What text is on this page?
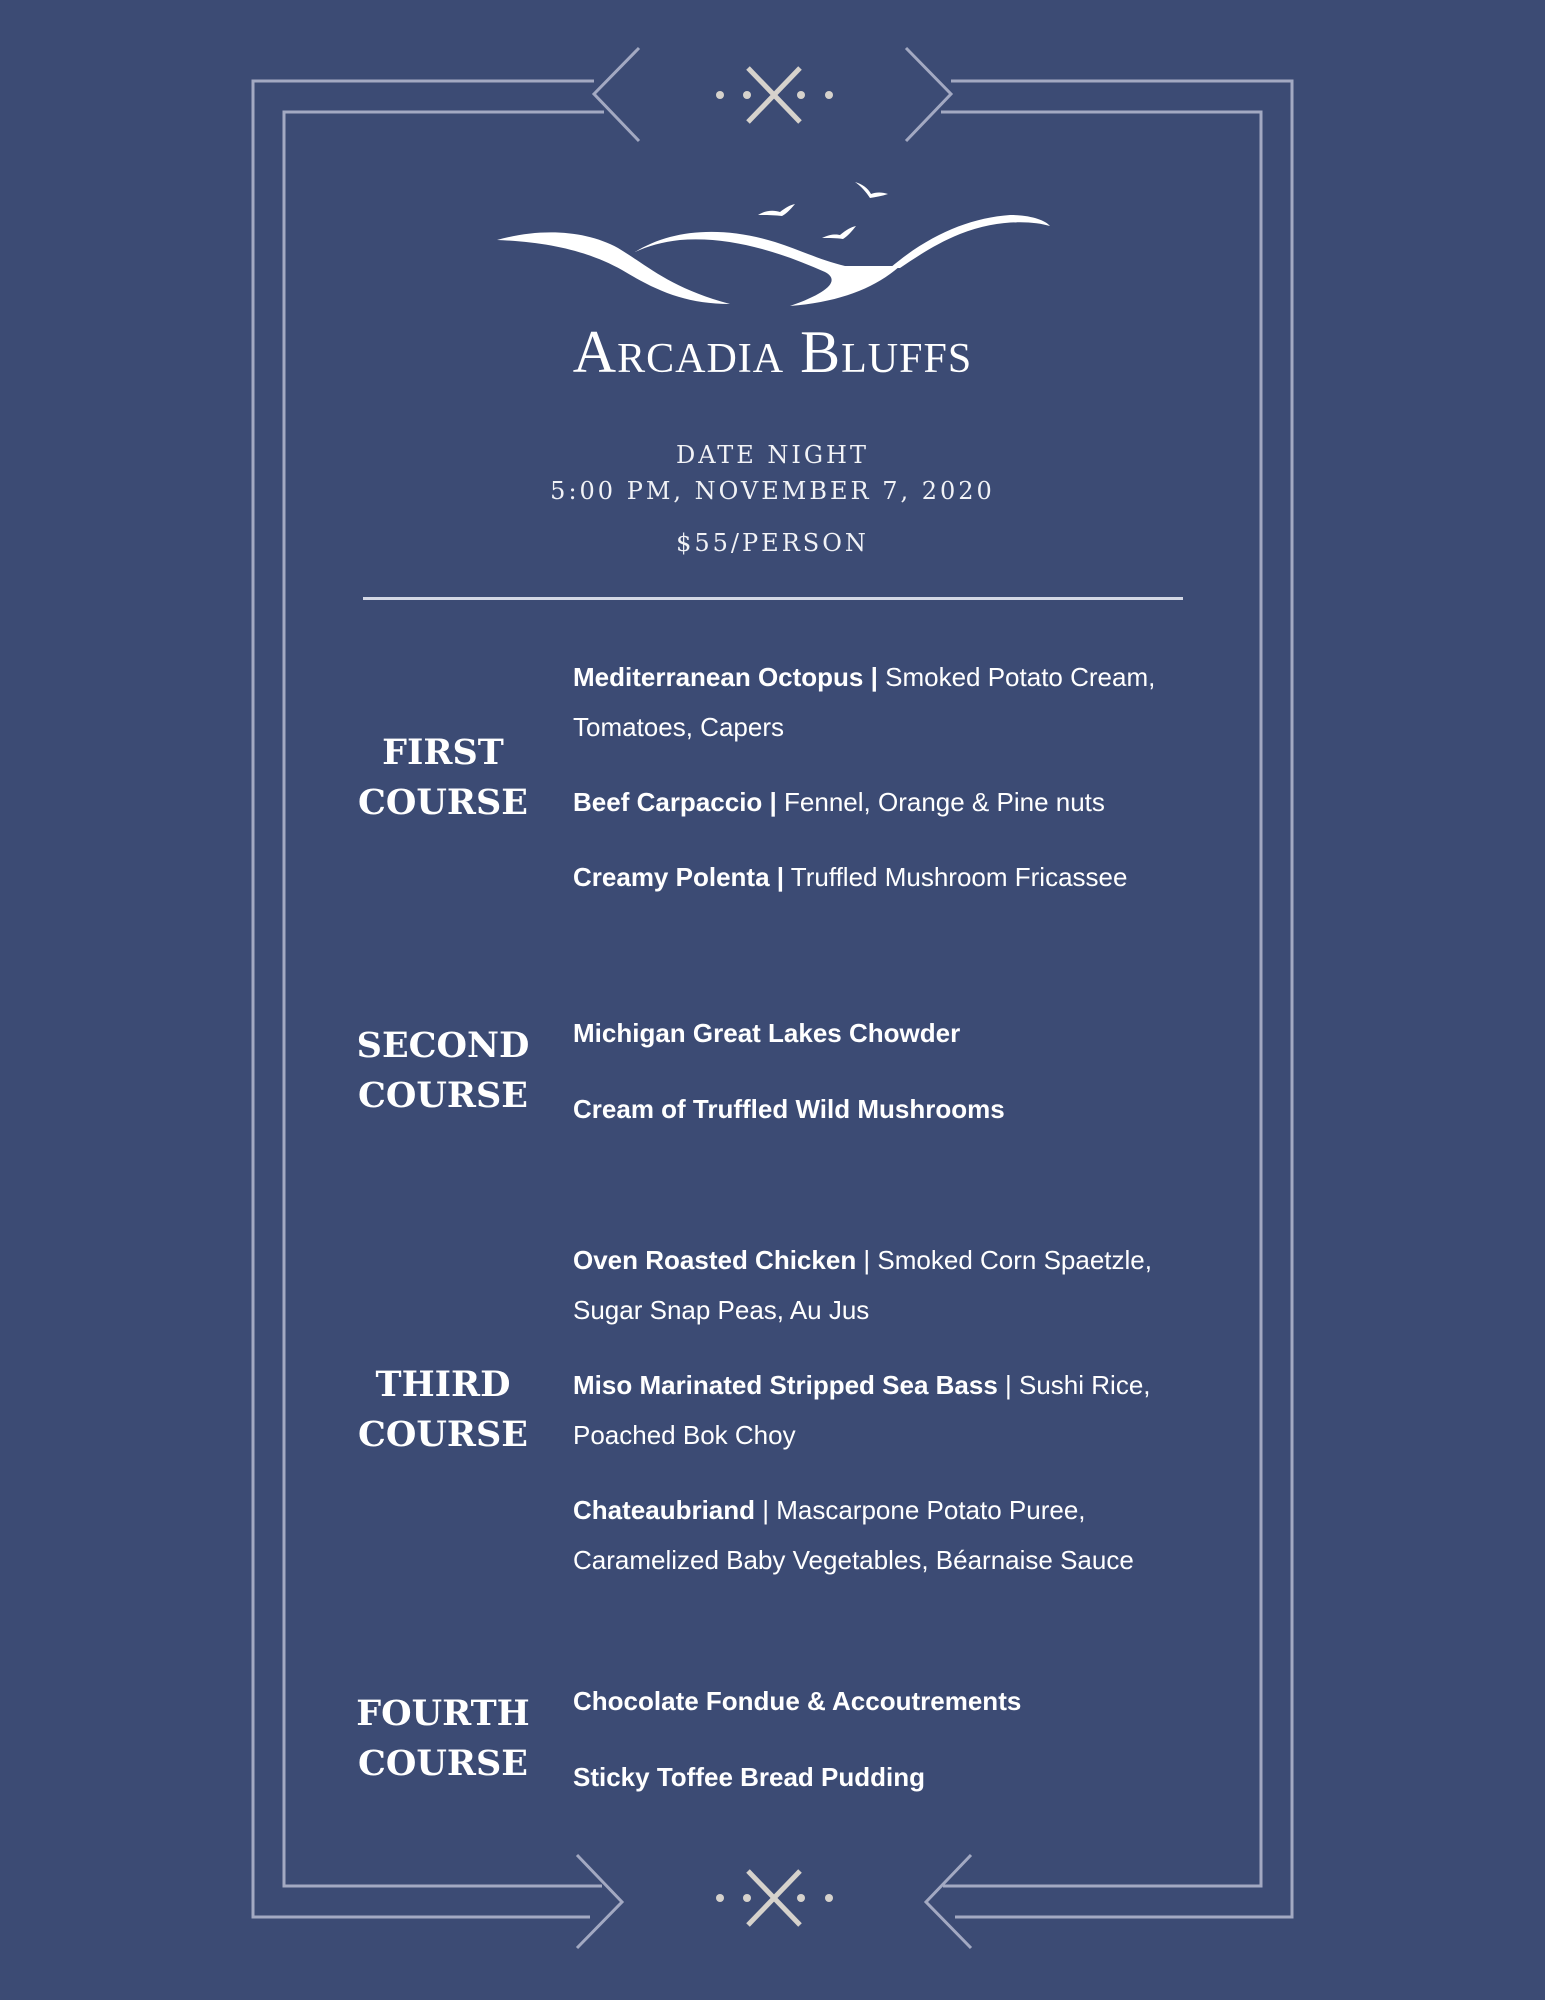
Arcadia Bluffs
DATE NIGHT
5:00 PM, NOVEMBER 7, 2020
$55/PERSON
FIRST
COURSE
Mediterranean Octopus | Smoked Potato Cream,
Tomatoes, Capers
Beef Carpaccio | Fennel, Orange & Pine nuts
Creamy Polenta | Truffled Mushroom Fricassee
SECOND
COURSE
Michigan Great Lakes Chowder
Cream of Truffled Wild Mushrooms
THIRD
COURSE
Oven Roasted Chicken | Smoked Corn Spaetzle,
Sugar Snap Peas, Au Jus
Miso Marinated Stripped Sea Bass | Sushi Rice,
Poached Bok Choy
Chateaubriand | Mascarpone Potato Puree,
Caramelized Baby Vegetables, Béarnaise Sauce
FOURTH
COURSE
Chocolate Fondue & Accoutrements
Sticky Toffee Bread Pudding
